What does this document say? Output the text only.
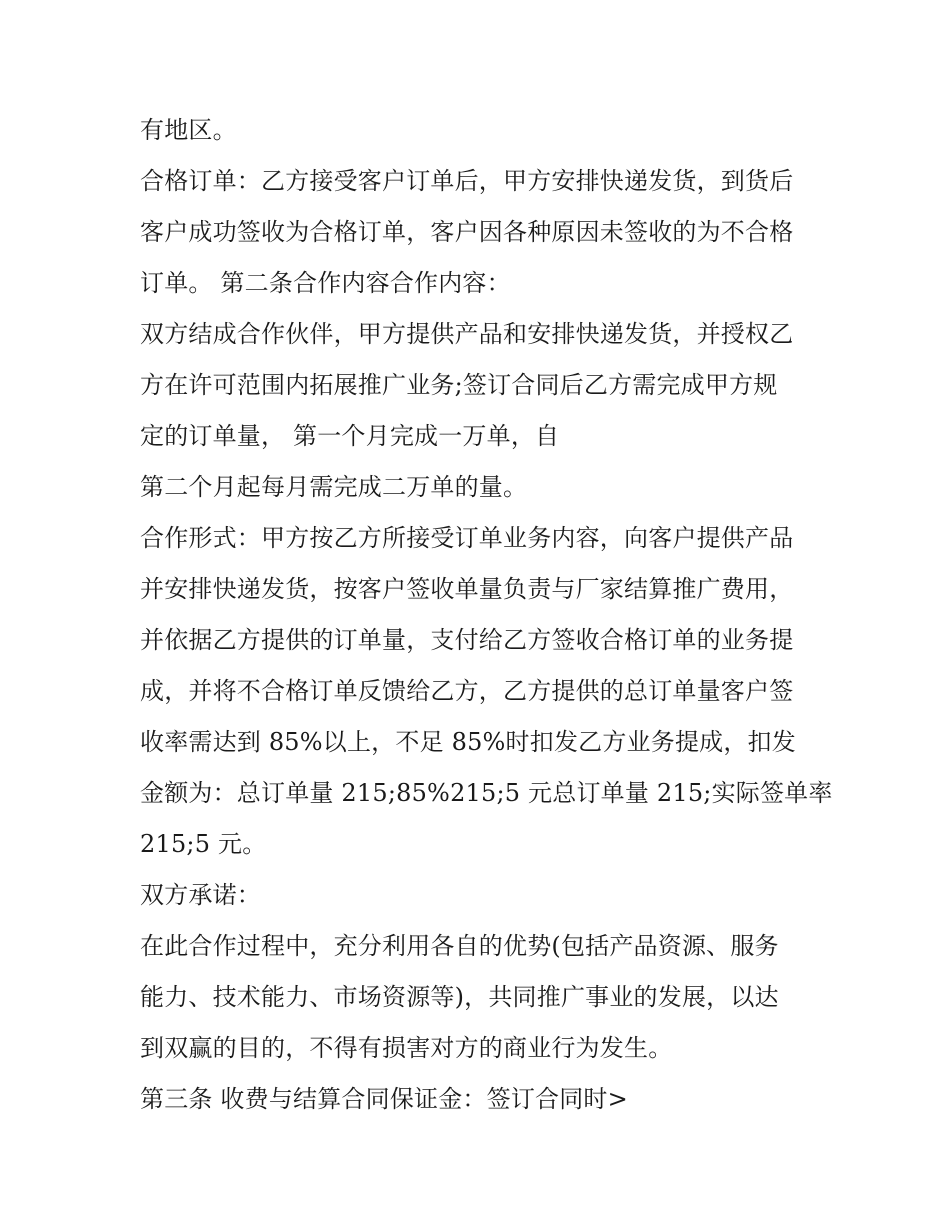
有地区。
合格订单：乙方接受客户订单后，甲方安排快递发货，到货后
客户成功签收为合格订单，客户因各种原因未签收的为不合格
订单。 第二条合作内容合作内容：
双方结成合作伙伴，甲方提供产品和安排快递发货，并授权乙
方在许可范围内拓展推广业务;签订合同后乙方需完成甲方规
定的订单量， 第一个月完成一万单，自
第二个月起每月需完成二万单的量。
合作形式：甲方按乙方所接受订单业务内容，向客户提供产品
并安排快递发货，按客户签收单量负责与厂家结算推广费用，
并依据乙方提供的订单量，支付给乙方签收合格订单的业务提
成，并将不合格订单反馈给乙方，乙方提供的总订单量客户签
收率需达到 85%以上，不足 85%时扣发乙方业务提成，扣发
金额为：总订单量 215;85%215;5 元总订单量 215;实际签单率
215;5 元。
双方承诺：
在此合作过程中，充分利用各自的优势(包括产品资源、服务
能力、技术能力、市场资源等)，共同推广事业的发展，以达
到双赢的目的，不得有损害对方的商业行为发生。
第三条 收费与结算合同保证金：签订合同时>
